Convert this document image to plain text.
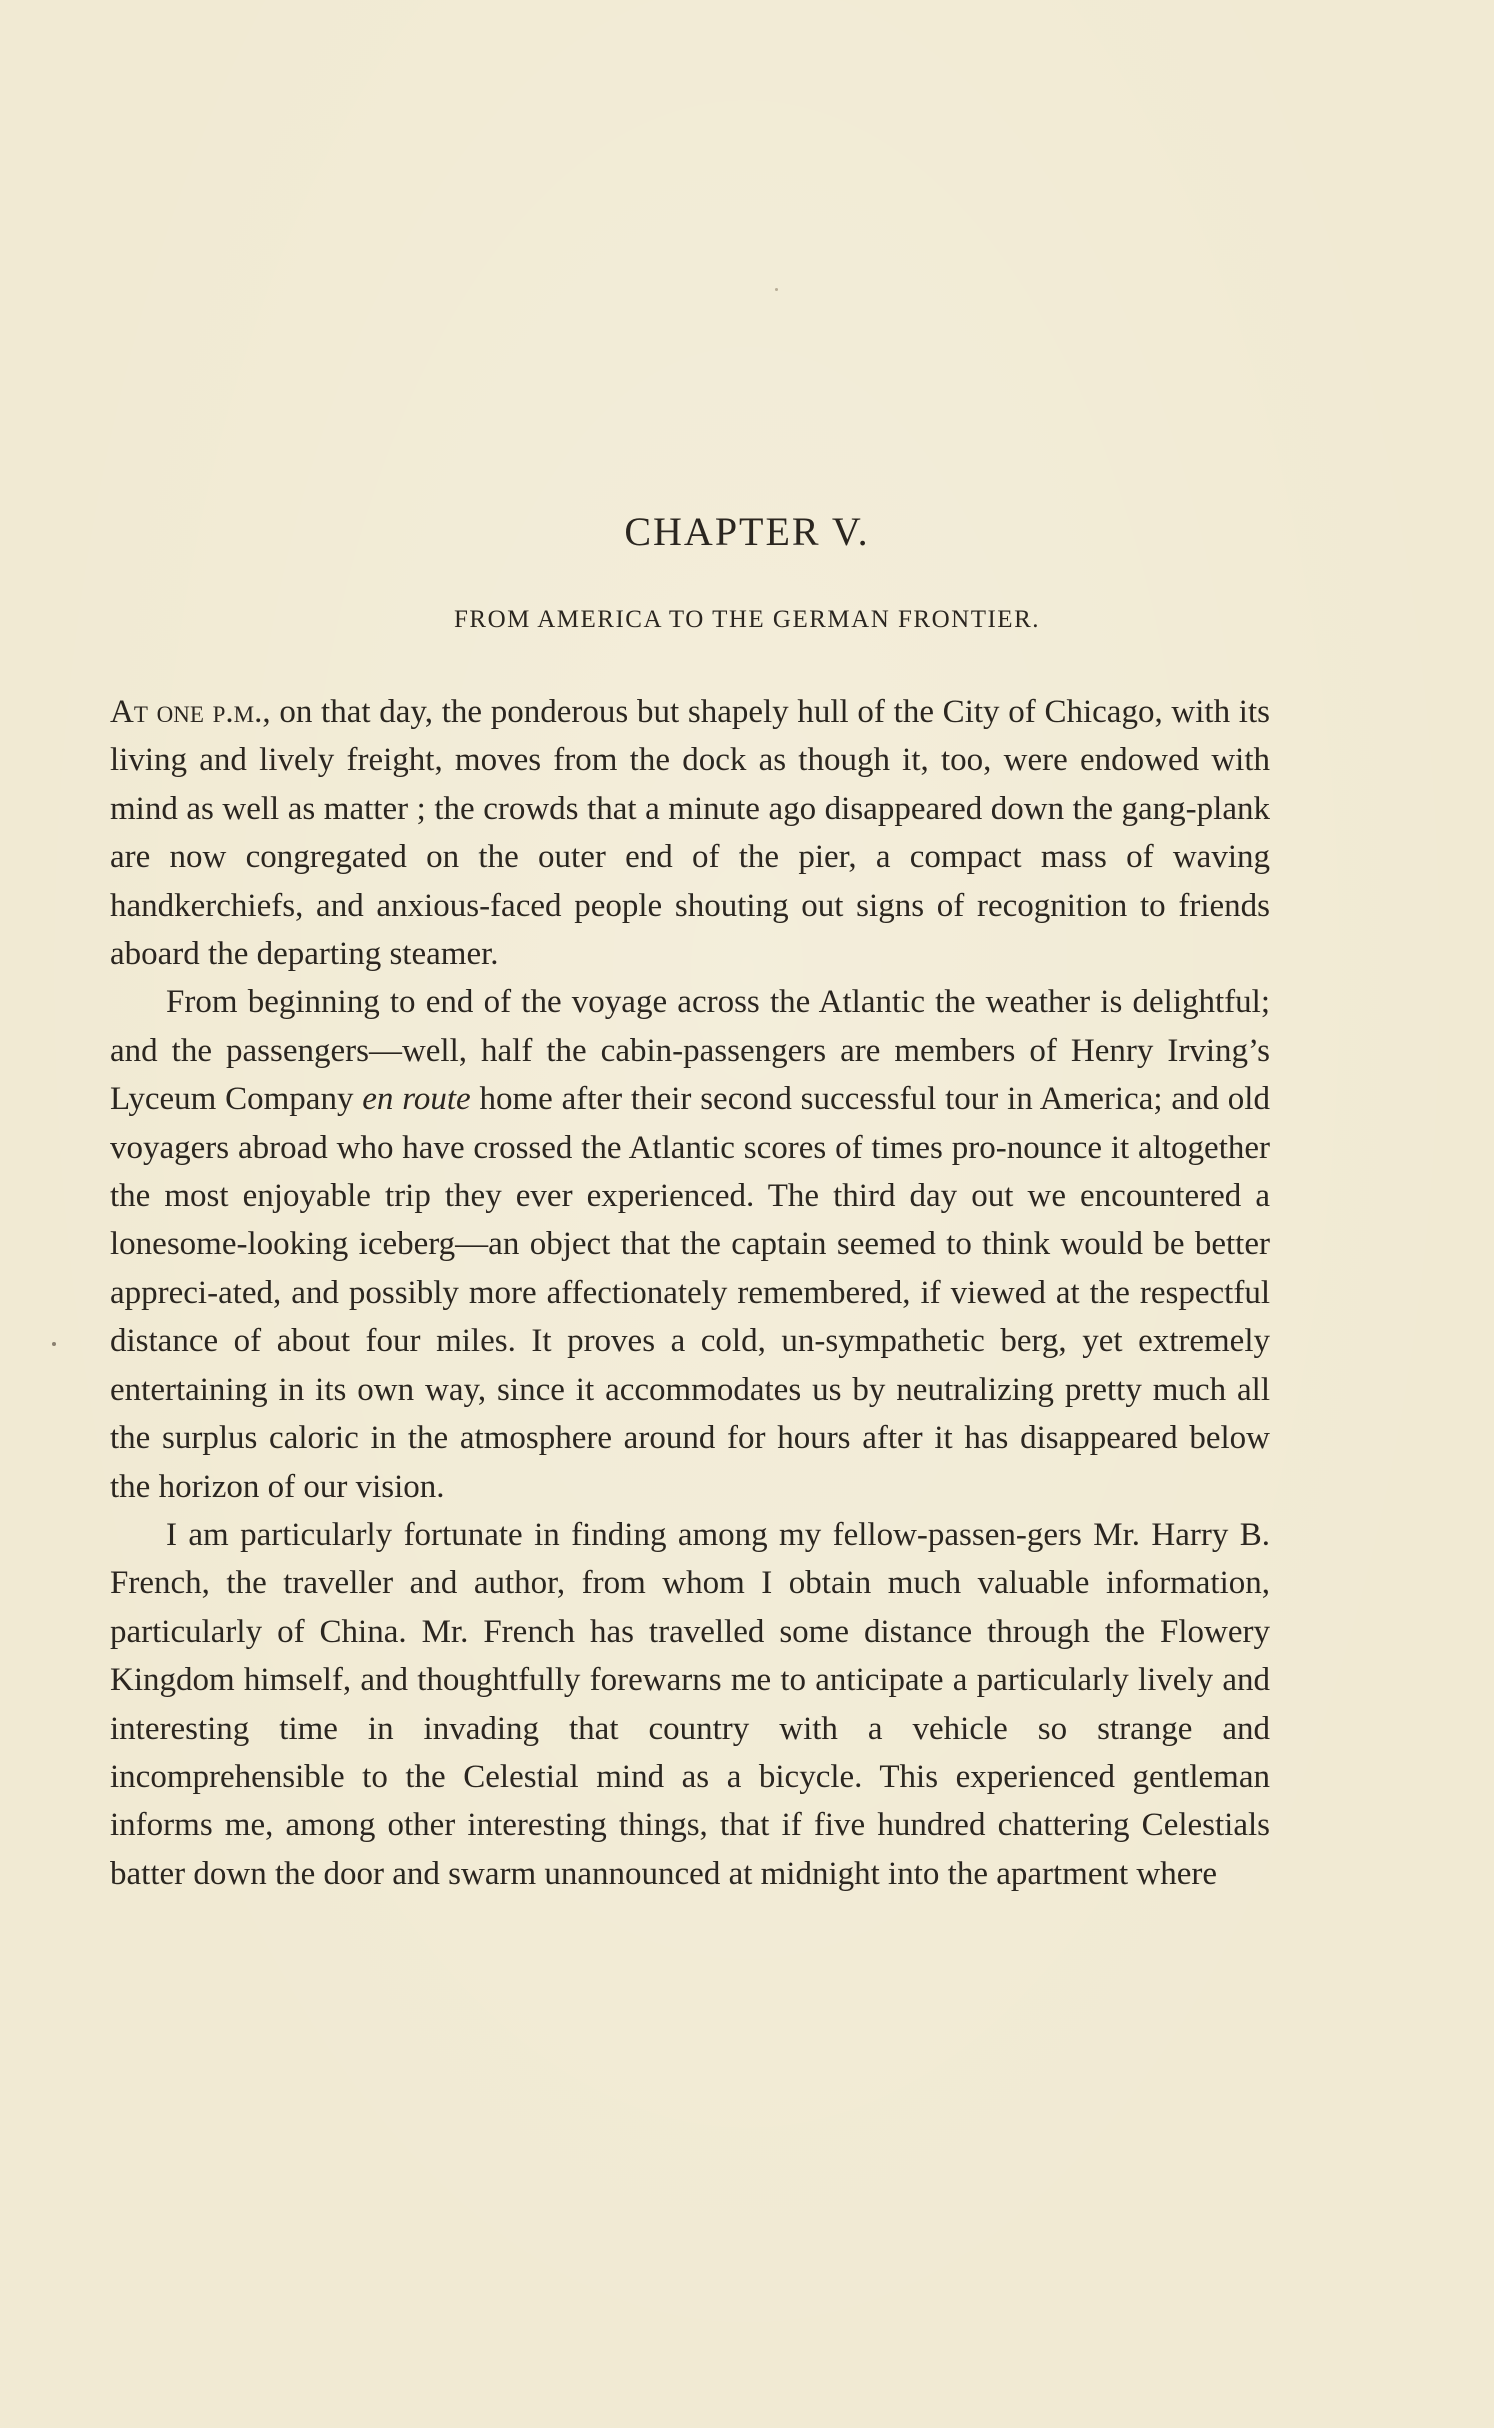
CHAPTER V.
FROM AMERICA TO THE GERMAN FRONTIER.

At one p.m., on that day, the ponderous but shapely hull of the City of Chicago, with its living and lively freight, moves from the dock as though it, too, were endowed with mind as well as matter ; the crowds that a minute ago disappeared down the gang-plank are now congregated on the outer end of the pier, a compact mass of waving handkerchiefs, and anxious-faced people shouting out signs of recognition to friends aboard the departing steamer.

From beginning to end of the voyage across the Atlantic the weather is delightful; and the passengers—well, half the cabin-passengers are members of Henry Irving’s Lyceum Company en route home after their second successful tour in America; and old voyagers abroad who have crossed the Atlantic scores of times pro-nounce it altogether the most enjoyable trip they ever experienced. The third day out we encountered a lonesome-looking iceberg—an object that the captain seemed to think would be better appreci-ated, and possibly more affectionately remembered, if viewed at the respectful distance of about four miles. It proves a cold, un-sympathetic berg, yet extremely entertaining in its own way, since it accommodates us by neutralizing pretty much all the surplus caloric in the atmosphere around for hours after it has disappeared below the horizon of our vision.

I am particularly fortunate in finding among my fellow-passen-gers Mr. Harry B. French, the traveller and author, from whom I obtain much valuable information, particularly of China. Mr. French has travelled some distance through the Flowery Kingdom himself, and thoughtfully forewarns me to anticipate a particularly lively and interesting time in invading that country with a vehicle so strange and incomprehensible to the Celestial mind as a bicycle. This experienced gentleman informs me, among other interesting things, that if five hundred chattering Celestials batter down the door and swarm unannounced at midnight into the apartment where
